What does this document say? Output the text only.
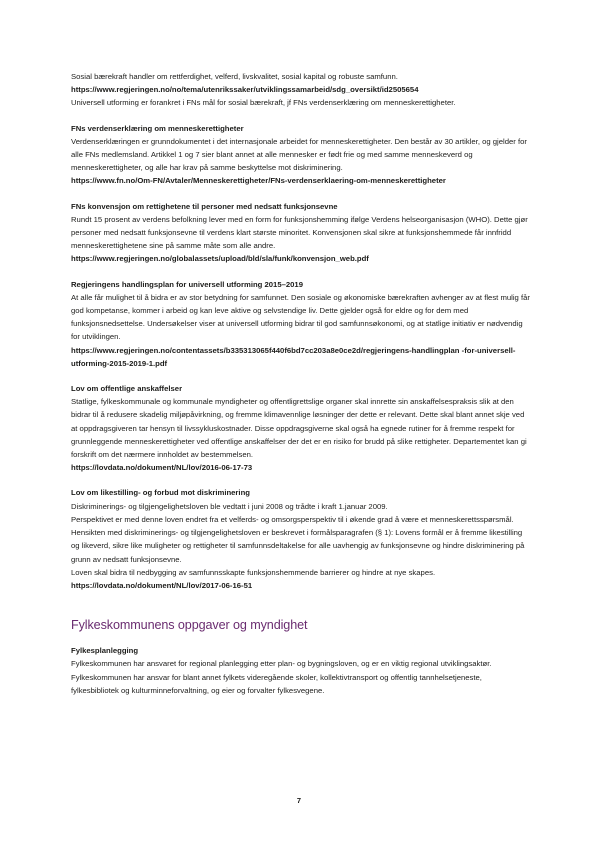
Sosial bærekraft handler om rettferdighet, velferd, livskvalitet, sosial kapital og robuste samfunn.

https://www.regjeringen.no/no/tema/utenrikssaker/utviklingssamarbeid/sdg_oversikt/id2505654

Universell utforming er forankret i FNs mål for sosial bærekraft, jf FNs verdenserklæring om menneskerettigheter.

FNs verdenserklæring om menneskerettigheter

Verdenserklæringen er grunndokumentet i det internasjonale arbeidet for menneskerettigheter. Den består av 30 artikler, og gjelder for alle FNs medlemsland. Artikkel 1 og 7 sier blant annet at alle mennesker er født frie og med samme menneskeverd og menneskerettigheter, og alle har krav på samme beskyttelse mot diskriminering.

https://www.fn.no/Om-FN/Avtaler/Menneskerettigheter/FNs-verdenserklaering-om-menneskerettigheter

FNs konvensjon om rettighetene til personer med nedsatt funksjonsevne

Rundt 15 prosent av verdens befolkning lever med en form for funksjonshemming ifølge Verdens helseorganisasjon (WHO). Dette gjør personer med nedsatt funksjonsevne til verdens klart største minoritet. Konvensjonen skal sikre at funksjonshemmede får innfridd menneskerettighetene sine på samme måte som alle andre.

https://www.regjeringen.no/globalassets/upload/bld/sla/funk/konvensjon_web.pdf

Regjeringens handlingsplan for universell utforming 2015–2019

At alle får mulighet til å bidra er av stor betydning for samfunnet. Den sosiale og økonomiske bærekraften avhenger av at flest mulig får god kompetanse, kommer i arbeid og kan leve aktive og selvstendige liv. Dette gjelder også for eldre og for dem med funksjonsnedsettelse. Undersøkelser viser at universell utforming bidrar til god samfunnsøkonomi, og at statlige initiativ er nødvendig for utviklingen.

https://www.regjeringen.no/contentassets/b335313065f440f6bd7cc203a8e0ce2d/regjeringens-handlingplan -for-universell-utforming-2015-2019-1.pdf

Lov om offentlige anskaffelser

Statlige, fylkeskommunale og kommunale myndigheter og offentligrettslige organer skal innrette sin anskaffelsespraksis slik at den bidrar til å redusere skadelig miljøpåvirkning, og fremme klimavennlige løsninger der dette er relevant. Dette skal blant annet skje ved at oppdragsgiveren tar hensyn til livssykluskostnader. Disse oppdragsgiverne skal også ha egnede rutiner for å fremme respekt for grunnleggende menneskerettigheter ved offentlige anskaffelser der det er en risiko for brudd på slike rettigheter. Departementet kan gi forskrift om det nærmere innholdet av bestemmelsen.

https://lovdata.no/dokument/NL/lov/2016-06-17-73

Lov om likestilling- og forbud mot diskriminering

Diskriminerings- og tilgjengelighetsloven ble vedtatt i juni 2008 og trådte i kraft 1.januar 2009.

Perspektivet er med denne loven endret fra et velferds- og omsorgsperspektiv til i økende grad å være et menneskerettsspørsmål.

Hensikten med diskriminerings- og tilgjengelighetsloven er beskrevet i formålsparagrafen (§ 1): Lovens formål er å fremme likestilling og likeverd, sikre like muligheter og rettigheter til samfunnsdeltakelse for alle uavhengig av funksjonsevne og hindre diskriminering på grunn av nedsatt funksjonsevne.

Loven skal bidra til nedbygging av samfunnsskapte funksjonshemmende barrierer og hindre at nye skapes.

https://lovdata.no/dokument/NL/lov/2017-06-16-51

Fylkeskommunens oppgaver og myndighet

Fylkesplanlegging

Fylkeskommunen har ansvaret for regional planlegging etter plan- og bygningsloven, og er en viktig regional utviklingsaktør. Fylkeskommunen har ansvar for blant annet fylkets videregående skoler, kollektivtransport og offentlig tannhelsetjeneste, fylkesbibliotek og kulturminneforvaltning, og eier og forvalter fylkesvegene.

7
